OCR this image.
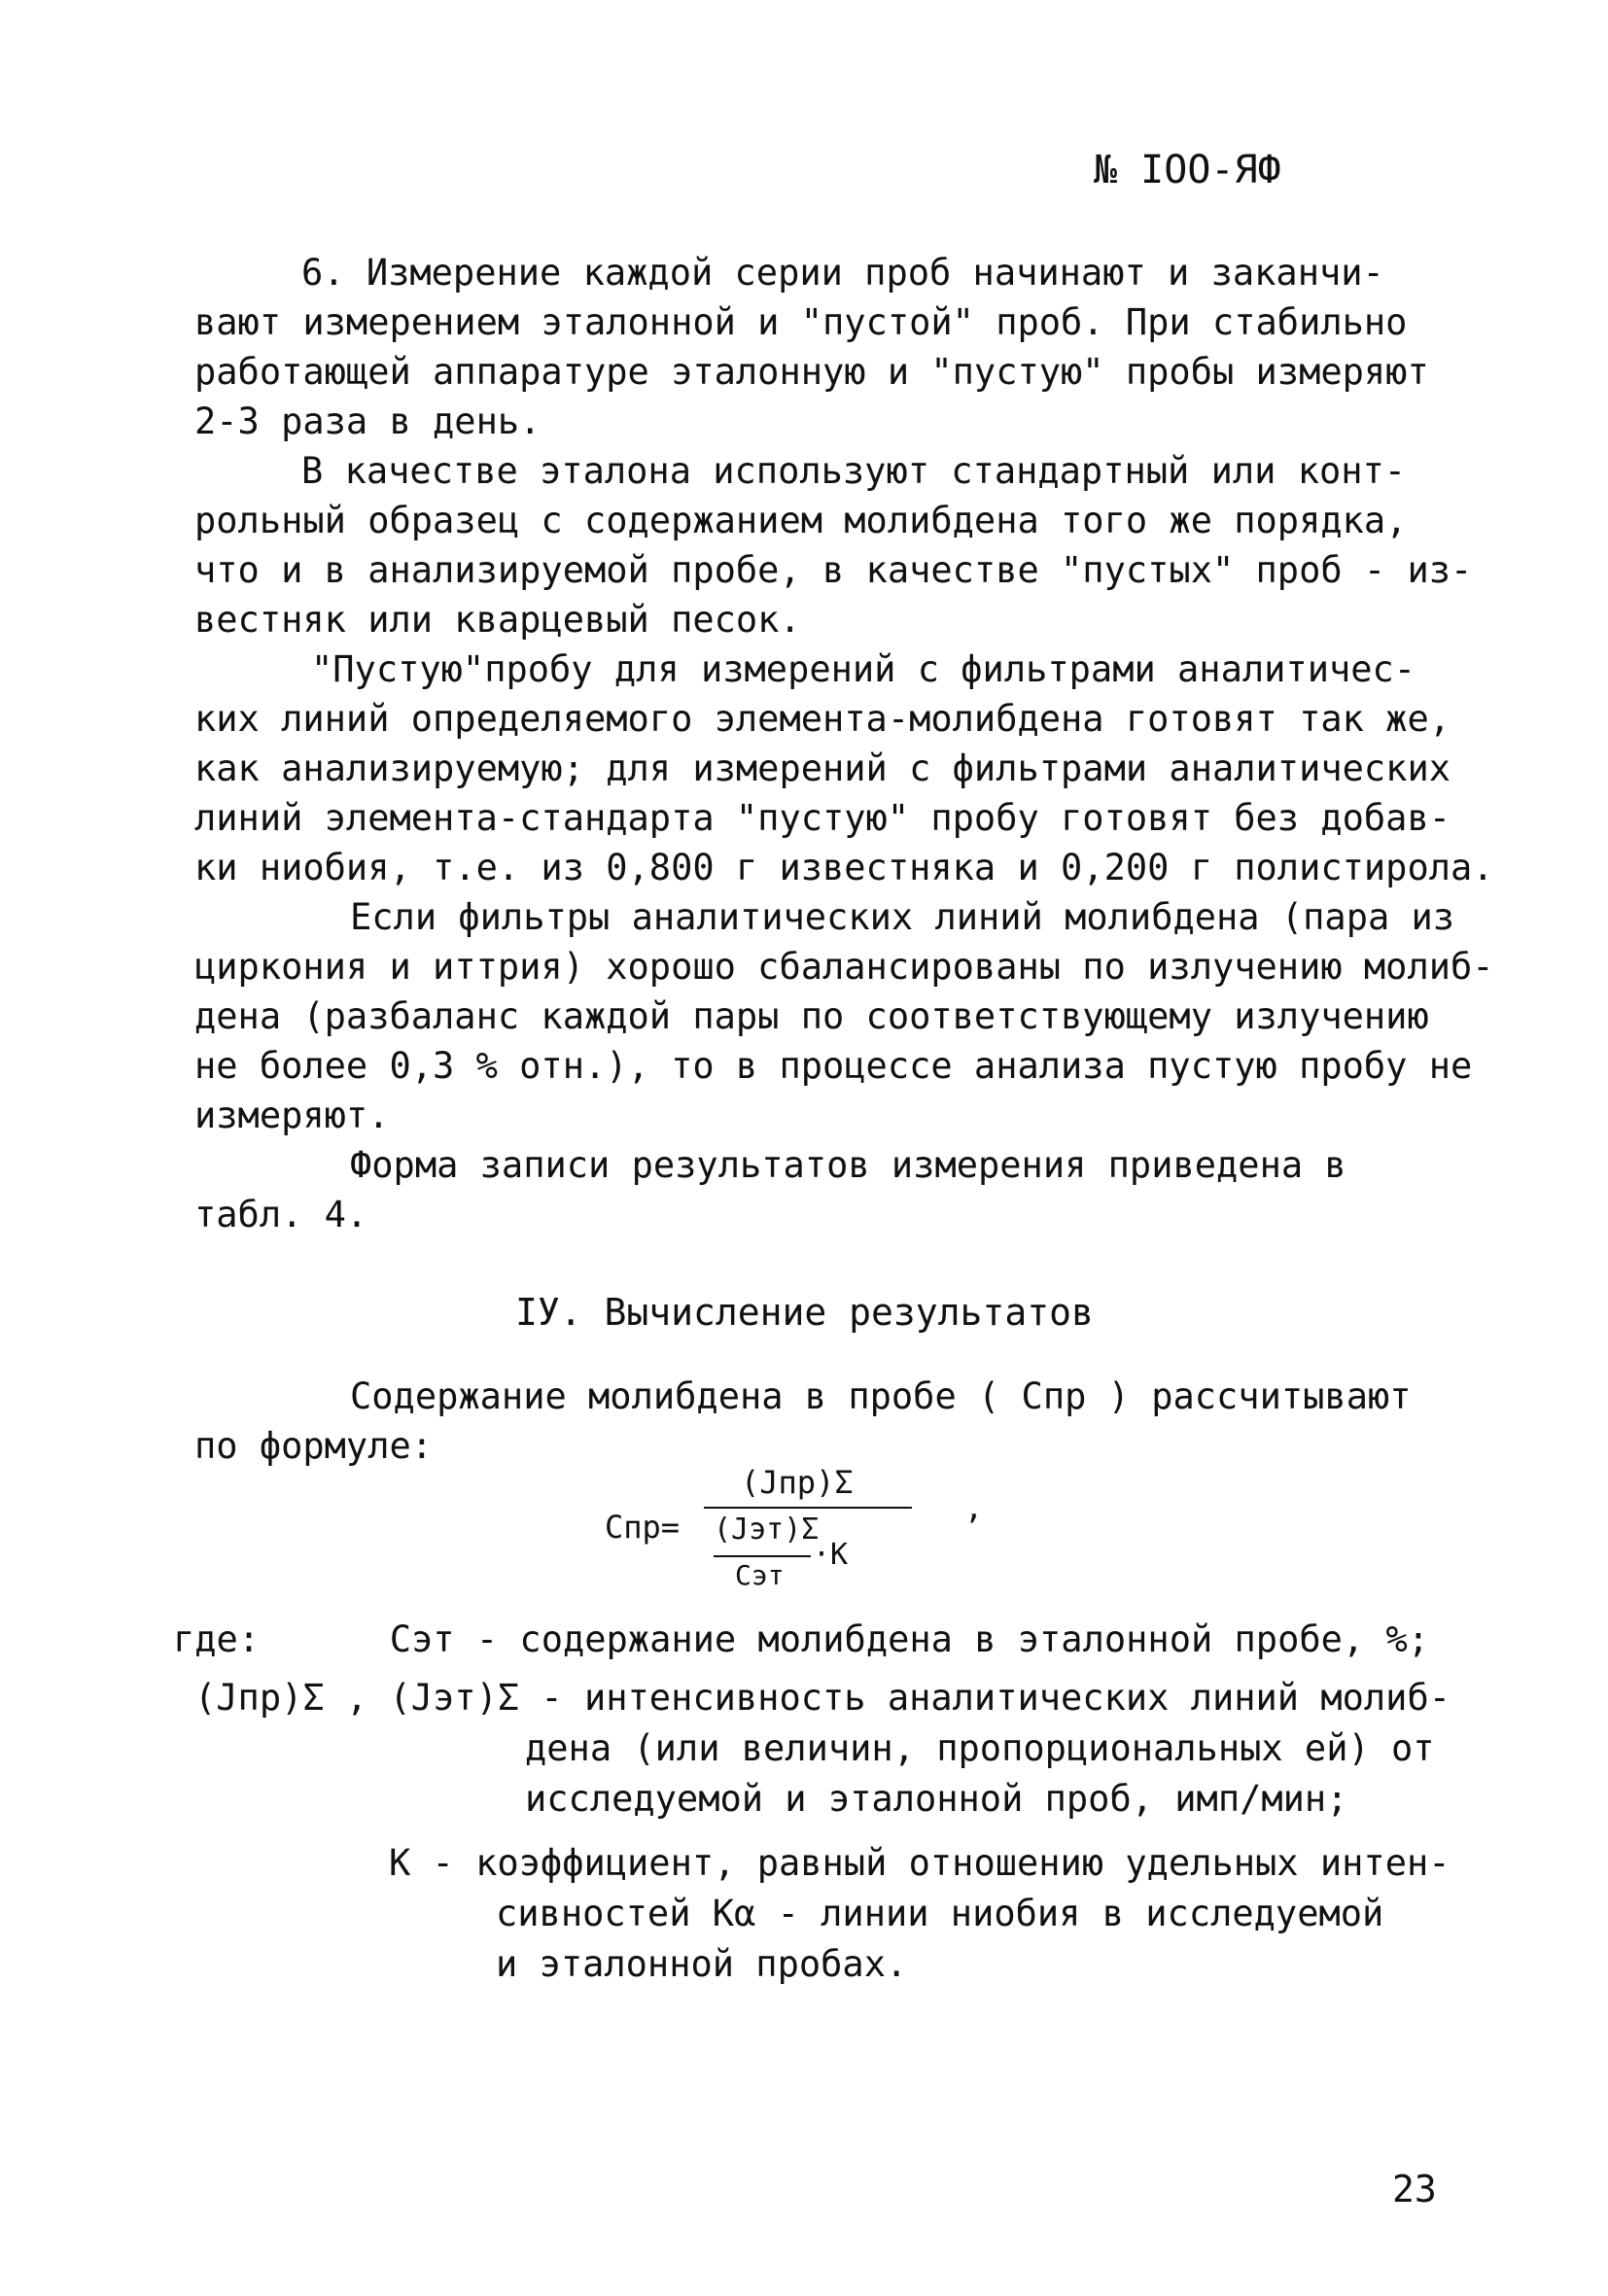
№ IOO-ЯФ
6. Измерение каждой серии проб начинают и заканчи-
вают измерением эталонной и "пустой" проб. При стабильно
работающей аппаратуре эталонную и "пустую" пробы измеряют
2-3 раза в день.
В качестве эталона используют стандартный или конт-
рольный образец с содержанием молибдена того же порядка,
что и в анализируемой пробе, в качестве "пустых" проб - из-
вестняк или кварцевый песок.
"Пустую"пробу для измерений с фильтрами аналитичес-
ких линий определяемого элемента-молибдена готовят так же,
как анализируемую; для измерений с фильтрами аналитических
линий элемента-стандарта "пустую" пробу готовят без добав-
ки ниобия, т.е. из 0,800 г известняка и 0,200 г полистирола.
Если фильтры аналитических линий молибдена (пара из
циркония и иттрия) хорошо сбалансированы по излучению молиб-
дена (разбаланс каждой пары по соответствующему излучению
не более 0,3 % отн.), то в процессе анализа пустую пробу не
измеряют.
Форма записи результатов измерения приведена в
табл. 4.
IУ. Вычисление результатов
Содержание молибдена в пробе ( Cпр ) рассчитывают
по формуле:
Cпр=
(Jпр)Σ
(Jэт)Σ
Cэт
·K
,
где:      Cэт - содержание молибдена в эталонной пробе, %;
(Jпр)Σ , (Jэт)Σ - интенсивность аналитических линий молиб-
дена (или величин, пропорциональных ей) от
исследуемой и эталонной проб, имп/мин;
K - коэффициент, равный отношению удельных интен-
сивностей Kα - линии ниобия в исследуемой
и эталонной пробах.
23
